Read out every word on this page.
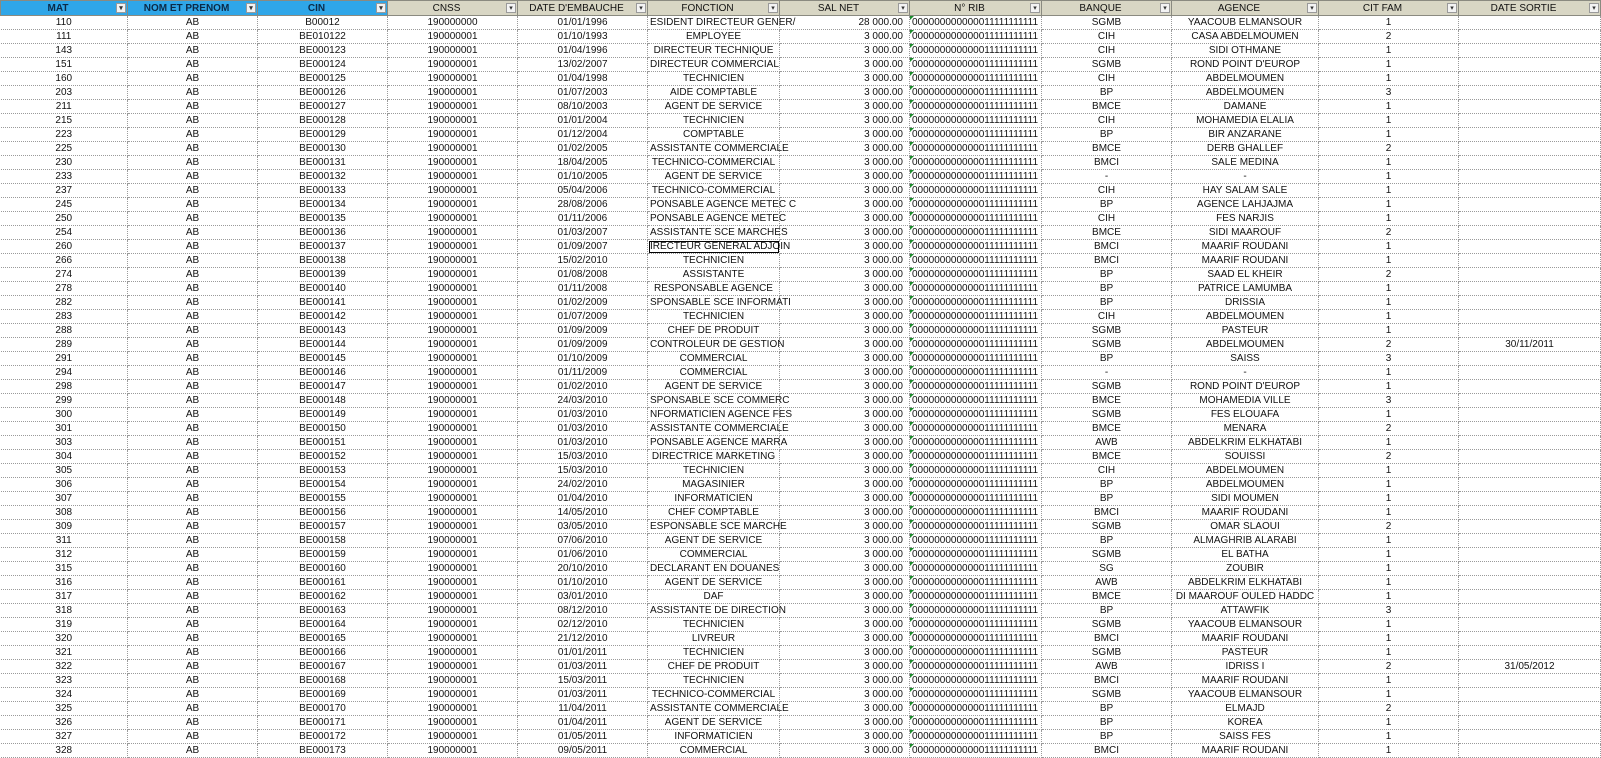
MAT ▾	NOM ET PRENOM ▾	CIN ▾	CNSS ▾	DATE D'EMBAUCHE ▾	FONCTION ▾	SAL NET ▾	N° RIB ▾	BANQUE ▾	AGENCE ▾	CIT FAM ▾	DATE SORTIE ▾

110	AB	B00012	190000000	01/01/1996	ESIDENT DIRECTEUR GENER/	28 000.00	000000000000011111111111	SGMB	YAACOUB ELMANSOUR	1	
111	AB	BE010122	190000001	01/10/1993	EMPLOYEE	3 000.00	000000000000011111111111	CIH	CASA ABDELMOUMEN	2	
143	AB	BE000123	190000001	01/04/1996	DIRECTEUR TECHNIQUE	3 000.00	000000000000011111111111	CIH	SIDI OTHMANE	1	
151	AB	BE000124	190000001	13/02/2007	DIRECTEUR COMMERCIAL	3 000.00	000000000000011111111111	SGMB	ROND POINT D'EUROP	1	
160	AB	BE000125	190000001	01/04/1998	TECHNICIEN	3 000.00	000000000000011111111111	CIH	ABDELMOUMEN	1	
203	AB	BE000126	190000001	01/07/2003	AIDE COMPTABLE	3 000.00	000000000000011111111111	BP	ABDELMOUMEN	3	
211	AB	BE000127	190000001	08/10/2003	AGENT DE SERVICE	3 000.00	000000000000011111111111	BMCE	DAMANE	1	
215	AB	BE000128	190000001	01/01/2004	TECHNICIEN	3 000.00	000000000000011111111111	CIH	MOHAMEDIA ELALIA	1	
223	AB	BE000129	190000001	01/12/2004	COMPTABLE	3 000.00	000000000000011111111111	BP	BIR ANZARANE	1	
225	AB	BE000130	190000001	01/02/2005	ASSISTANTE COMMERCIALE	3 000.00	000000000000011111111111	BMCE	DERB GHALLEF	2	
230	AB	BE000131	190000001	18/04/2005	TECHNICO-COMMERCIAL	3 000.00	000000000000011111111111	BMCI	SALE MEDINA	1	
233	AB	BE000132	190000001	01/10/2005	AGENT DE SERVICE	3 000.00	000000000000011111111111	-	-	1	
237	AB	BE000133	190000001	05/04/2006	TECHNICO-COMMERCIAL	3 000.00	000000000000011111111111	CIH	HAY SALAM SALE	1	
245	AB	BE000134	190000001	28/08/2006	PONSABLE AGENCE METEC C	3 000.00	000000000000011111111111	BP	AGENCE LAHJAJMA	1	
250	AB	BE000135	190000001	01/11/2006	PONSABLE AGENCE METEC	3 000.00	000000000000011111111111	CIH	FES NARJIS	1	
254	AB	BE000136	190000001	01/03/2007	ASSISTANTE SCE MARCHES	3 000.00	000000000000011111111111	BMCE	SIDI MAAROUF	2	
260	AB	BE000137	190000001	01/09/2007	IRECTEUR GENERAL ADJOIN	3 000.00	000000000000011111111111	BMCI	MAARIF ROUDANI	1	
266	AB	BE000138	190000001	15/02/2010	TECHNICIEN	3 000.00	000000000000011111111111	BMCI	MAARIF ROUDANI	1	
274	AB	BE000139	190000001	01/08/2008	ASSISTANTE	3 000.00	000000000000011111111111	BP	SAAD EL KHEIR	2	
278	AB	BE000140	190000001	01/11/2008	RESPONSABLE AGENCE	3 000.00	000000000000011111111111	BP	PATRICE LAMUMBA	1	
282	AB	BE000141	190000001	01/02/2009	SPONSABLE SCE INFORMATI	3 000.00	000000000000011111111111	BP	DRISSIA	1	
283	AB	BE000142	190000001	01/07/2009	TECHNICIEN	3 000.00	000000000000011111111111	CIH	ABDELMOUMEN	1	
288	AB	BE000143	190000001	01/09/2009	CHEF DE PRODUIT	3 000.00	000000000000011111111111	SGMB	PASTEUR	1	
289	AB	BE000144	190000001	01/09/2009	CONTROLEUR DE GESTION	3 000.00	000000000000011111111111	SGMB	ABDELMOUMEN	2	30/11/2011
291	AB	BE000145	190000001	01/10/2009	COMMERCIAL	3 000.00	000000000000011111111111	BP	SAISS	3	
294	AB	BE000146	190000001	01/11/2009	COMMERCIAL	3 000.00	000000000000011111111111	-	-	1	
298	AB	BE000147	190000001	01/02/2010	AGENT DE SERVICE	3 000.00	000000000000011111111111	SGMB	ROND POINT D'EUROP	1	
299	AB	BE000148	190000001	24/03/2010	SPONSABLE SCE COMMERC	3 000.00	000000000000011111111111	BMCE	MOHAMEDIA VILLE	3	
300	AB	BE000149	190000001	01/03/2010	NFORMATICIEN AGENCE FES	3 000.00	000000000000011111111111	SGMB	FES ELOUAFA	1	
301	AB	BE000150	190000001	01/03/2010	ASSISTANTE COMMERCIALE	3 000.00	000000000000011111111111	BMCE	MENARA	2	
303	AB	BE000151	190000001	01/03/2010	PONSABLE AGENCE MARRA	3 000.00	000000000000011111111111	AWB	ABDELKRIM ELKHATABI	1	
304	AB	BE000152	190000001	15/03/2010	DIRECTRICE MARKETING	3 000.00	000000000000011111111111	BMCE	SOUISSI	2	
305	AB	BE000153	190000001	15/03/2010	TECHNICIEN	3 000.00	000000000000011111111111	CIH	ABDELMOUMEN	1	
306	AB	BE000154	190000001	24/02/2010	MAGASINIER	3 000.00	000000000000011111111111	BP	ABDELMOUMEN	1	
307	AB	BE000155	190000001	01/04/2010	INFORMATICIEN	3 000.00	000000000000011111111111	BP	SIDI MOUMEN	1	
308	AB	BE000156	190000001	14/05/2010	CHEF COMPTABLE	3 000.00	000000000000011111111111	BMCI	MAARIF ROUDANI	1	
309	AB	BE000157	190000001	03/05/2010	ESPONSABLE SCE MARCHE	3 000.00	000000000000011111111111	SGMB	OMAR SLAOUI	2	
311	AB	BE000158	190000001	07/06/2010	AGENT DE SERVICE	3 000.00	000000000000011111111111	BP	ALMAGHRIB ALARABI	1	
312	AB	BE000159	190000001	01/06/2010	COMMERCIAL	3 000.00	000000000000011111111111	SGMB	EL BATHA	1	
315	AB	BE000160	190000001	20/10/2010	DECLARANT EN DOUANES	3 000.00	000000000000011111111111	SG	ZOUBIR	1	
316	AB	BE000161	190000001	01/10/2010	AGENT DE SERVICE	3 000.00	000000000000011111111111	AWB	ABDELKRIM ELKHATABI	1	
317	AB	BE000162	190000001	03/01/2010	DAF	3 000.00	000000000000011111111111	BMCE	DI MAAROUF OULED HADDC	1	
318	AB	BE000163	190000001	08/12/2010	ASSISTANTE DE DIRECTION	3 000.00	000000000000011111111111	BP	ATTAWFIK	3	
319	AB	BE000164	190000001	02/12/2010	TECHNICIEN	3 000.00	000000000000011111111111	SGMB	YAACOUB ELMANSOUR	1	
320	AB	BE000165	190000001	21/12/2010	LIVREUR	3 000.00	000000000000011111111111	BMCI	MAARIF ROUDANI	1	
321	AB	BE000166	190000001	01/01/2011	TECHNICIEN	3 000.00	000000000000011111111111	SGMB	PASTEUR	1	
322	AB	BE000167	190000001	01/03/2011	CHEF DE PRODUIT	3 000.00	000000000000011111111111	AWB	IDRISS I	2	31/05/2012
323	AB	BE000168	190000001	15/03/2011	TECHNICIEN	3 000.00	000000000000011111111111	BMCI	MAARIF ROUDANI	1	
324	AB	BE000169	190000001	01/03/2011	TECHNICO-COMMERCIAL	3 000.00	000000000000011111111111	SGMB	YAACOUB ELMANSOUR	1	
325	AB	BE000170	190000001	11/04/2011	ASSISTANTE COMMERCIALE	3 000.00	000000000000011111111111	BP	ELMAJD	2	
326	AB	BE000171	190000001	01/04/2011	AGENT DE SERVICE	3 000.00	000000000000011111111111	BP	KOREA	1	
327	AB	BE000172	190000001	01/05/2011	INFORMATICIEN	3 000.00	000000000000011111111111	BP	SAISS FES	1	
328	AB	BE000173	190000001	09/05/2011	COMMERCIAL	3 000.00	000000000000011111111111	BMCI	MAARIF ROUDANI	1	
